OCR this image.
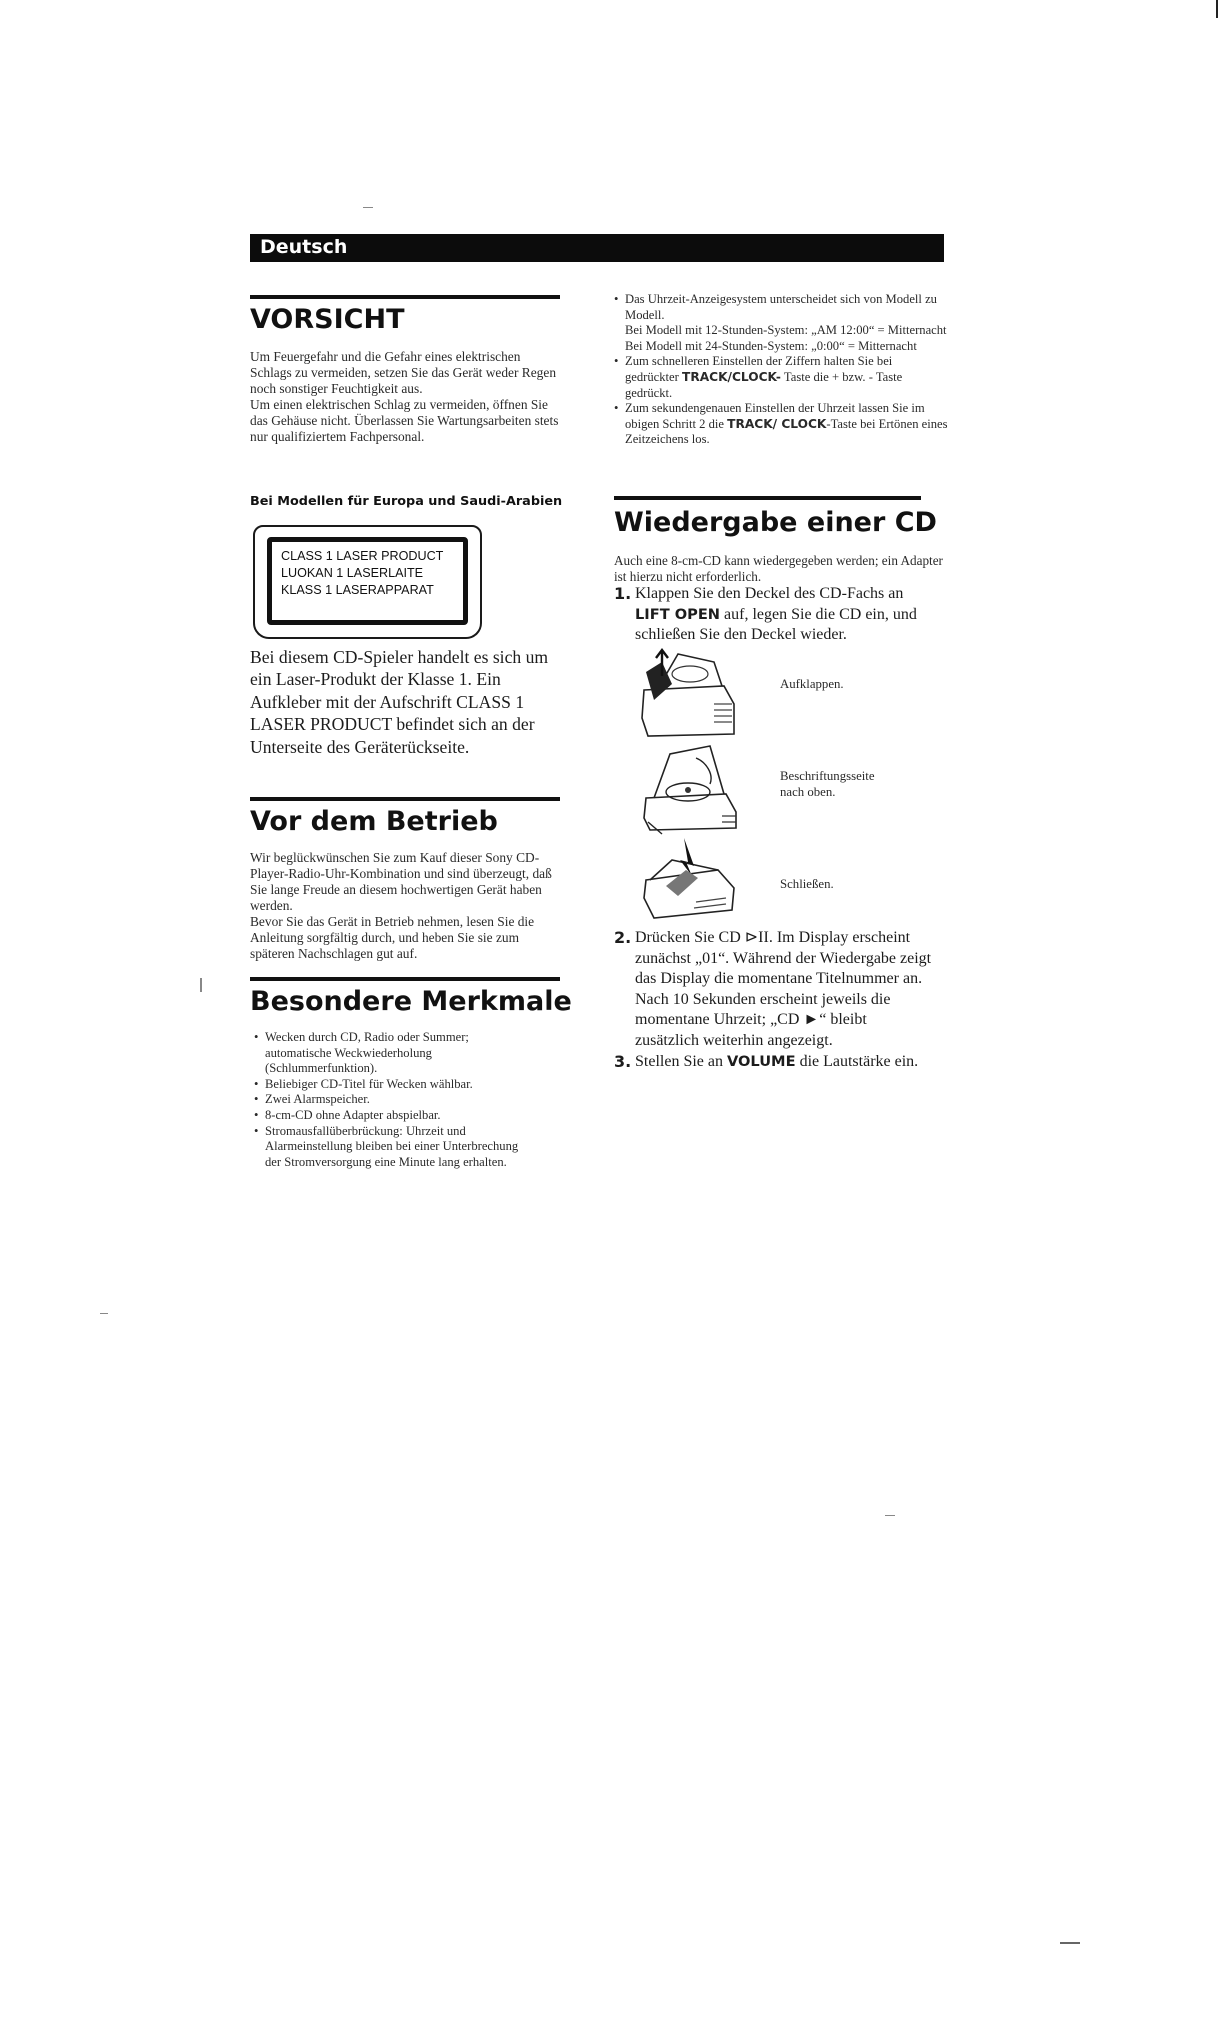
Deutsch
VORSICHT

Um Feuergefahr und die Gefahr eines elektrischen Schlags zu vermeiden, setzen Sie das Gerät weder Regen noch sonstiger Feuchtigkeit aus.

Um einen elektrischen Schlag zu vermeiden, öffnen Sie das Gehäuse nicht. Überlassen Sie Wartungsarbeiten stets nur qualifiziertem Fachpersonal.

Bei Modellen für Europa und Saudi-Arabien
CLASS 1 LASER PRODUCT
LUOKAN 1 LASERLAITE
KLASS 1 LASERAPPARAT

Bei diesem CD-Spieler handelt es sich um ein Laser-Produkt der Klasse 1. Ein Aufkleber mit der Aufschrift CLASS 1 LASER PRODUCT befindet sich an der Unterseite des Geräterückseite.

Vor dem Betrieb

Wir beglückwünschen Sie zum Kauf dieser Sony CD-Player-Radio-Uhr-Kombination und sind überzeugt, daß Sie lange Freude an diesem hochwertigen Gerät haben werden.

Bevor Sie das Gerät in Betrieb nehmen, lesen Sie die Anleitung sorgfältig durch, und heben Sie sie zum späteren Nachschlagen gut auf.

Besondere Merkmale
• Wecken durch CD, Radio oder Summer; automatische Weckwiederholung (Schlummerfunktion).
• Beliebiger CD-Titel für Wecken wählbar.
• Zwei Alarmspeicher.
• 8-cm-CD ohne Adapter abspielbar.
• Stromausfallüberbrückung: Uhrzeit und Alarmeinstellung bleiben bei einer Unterbrechung der Stromversorgung eine Minute lang erhalten.
• Das Uhrzeit-Anzeigesystem unterscheidet sich von Modell zu Modell.
Bei Modell mit 12-Stunden-System: „AM 12:00“ = Mitternacht
Bei Modell mit 24-Stunden-System: „0:00“ = Mitternacht
• Zum schnelleren Einstellen der Ziffern halten Sie bei gedrückter TRACK/CLOCK- Taste die + bzw. - Taste gedrückt.
• Zum sekundengenauen Einstellen der Uhrzeit lassen Sie im obigen Schritt 2 die TRACK/ CLOCK-Taste bei Ertönen eines Zeitzeichens los.
Wiedergabe einer CD

Auch eine 8-cm-CD kann wiedergegeben werden; ein Adapter ist hierzu nicht erforderlich.

1. Klappen Sie den Deckel des CD-Fachs an LIFT OPEN auf, legen Sie die CD ein, und schließen Sie den Deckel wieder.
Aufklappen.
Beschriftungsseite nach oben.
Schließen.
2. Drücken Sie CD ⊳II. Im Display erscheint zunächst „01“. Während der Wiedergabe zeigt das Display die momentane Titelnummer an. Nach 10 Sekunden erscheint jeweils die momentane Uhrzeit; „CD ►“ bleibt zusätzlich weiterhin angezeigt.
3. Stellen Sie an VOLUME die Lautstärke ein.
